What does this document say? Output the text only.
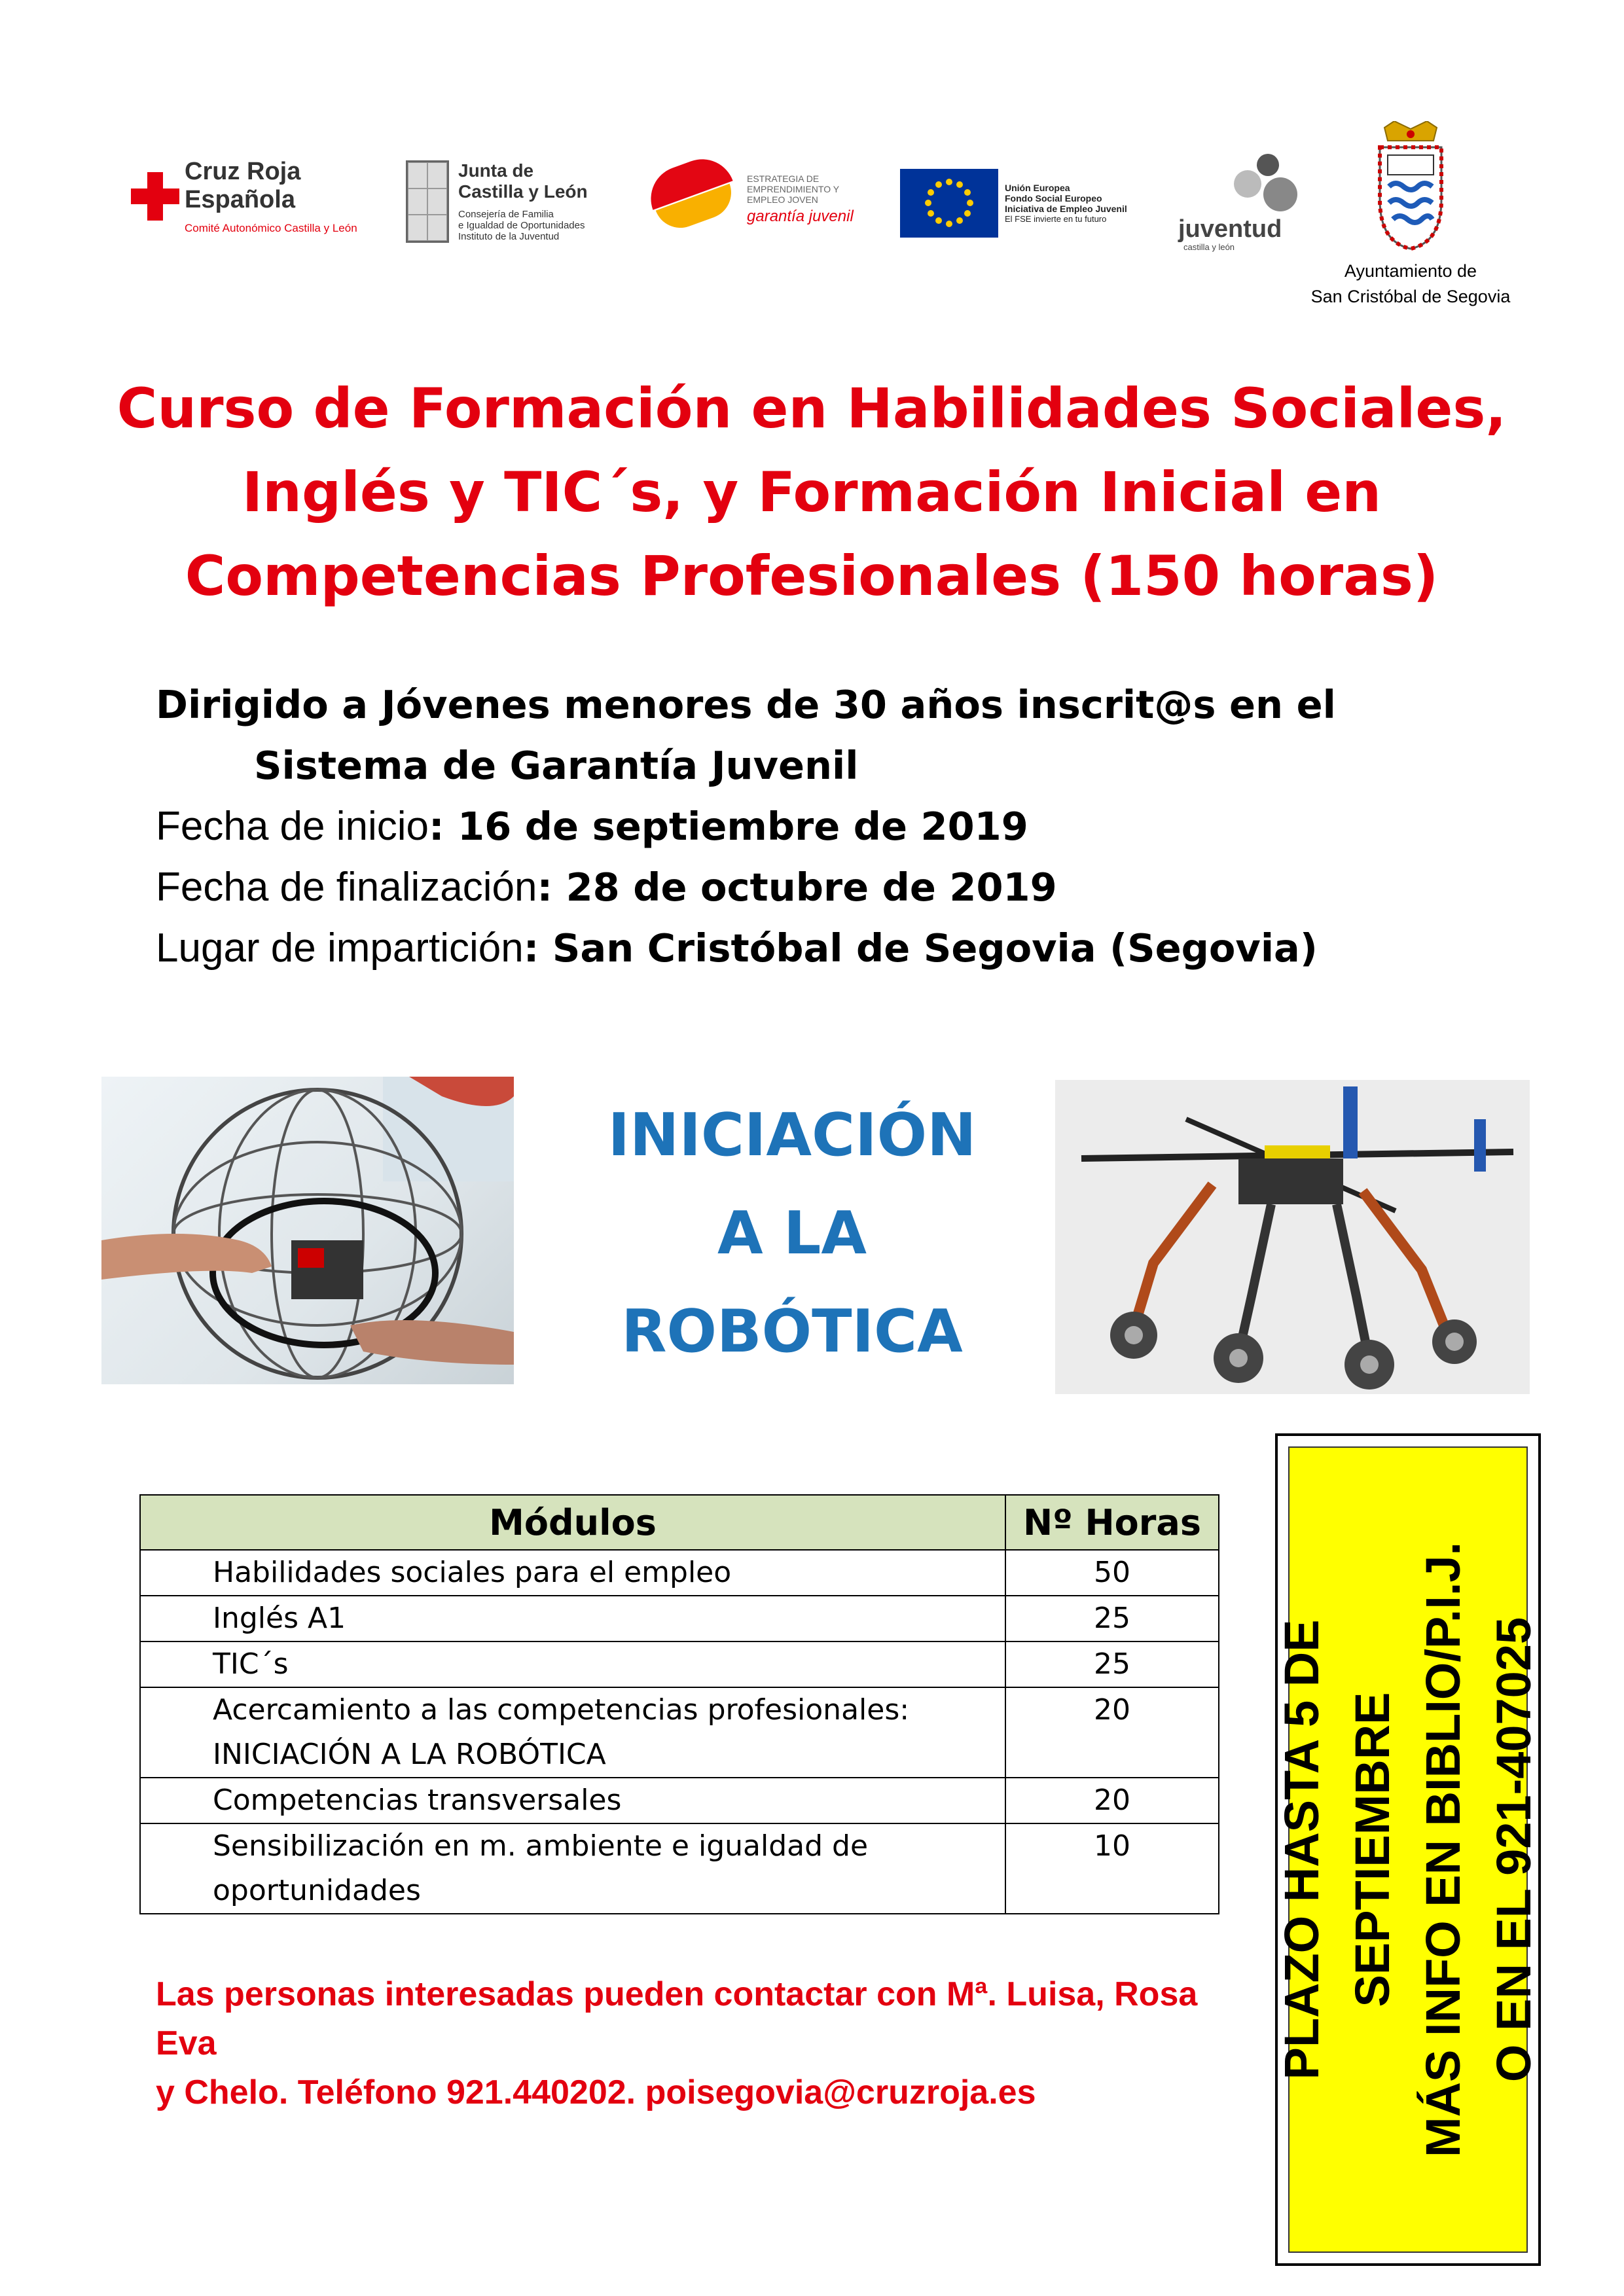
Cruz Roja Española
Comité Autonómico Castilla y León
Junta de
Castilla y León
Consejería de Familia
e Igualdad de Oportunidades
Instituto de la Juventud
ESTRATEGIA DE
EMPRENDIMIENTO Y
EMPLEO JOVEN
garantía juvenil
Unión Europea
Fondo Social Europeo
Iniciativa de Empleo Juvenil
El FSE invierte en tu futuro	juventud
castilla y león
Ayuntamiento de
San Cristóbal de Segovia
Curso de Formación en Habilidades Sociales,
Inglés y TIC´s, y Formación Inicial en
Competencias Profesionales (150 horas)
Dirigido a Jóvenes menores de 30 años inscrit@s en el
Sistema de Garantía Juvenil
Fecha de inicio: 16 de septiembre de 2019
Fecha de finalización: 28 de octubre de 2019
Lugar de impartición: San Cristóbal de Segovia (Segovia)
INICIACIÓN
A LA
ROBÓTICA
Módulos	Nº Horas
Habilidades sociales para el empleo	50
Inglés A1	25
TIC´s	25

Acercamiento a las competencias profesionales:
INICIACIÓN A LA ROBÓTICA	20
Competencias transversales	20

Sensibilización en m. ambiente e igualdad de
oportunidades	10
Las personas interesadas pueden contactar con Mª. Luisa, Rosa Eva
y Chelo. Teléfono 921.440202. poisegovia@cruzroja.es
PLAZO HASTA 5 DE SEPTIEMBRE MÁS INFO EN BIBLIO/P.I.J. O EN EL 921-407025
